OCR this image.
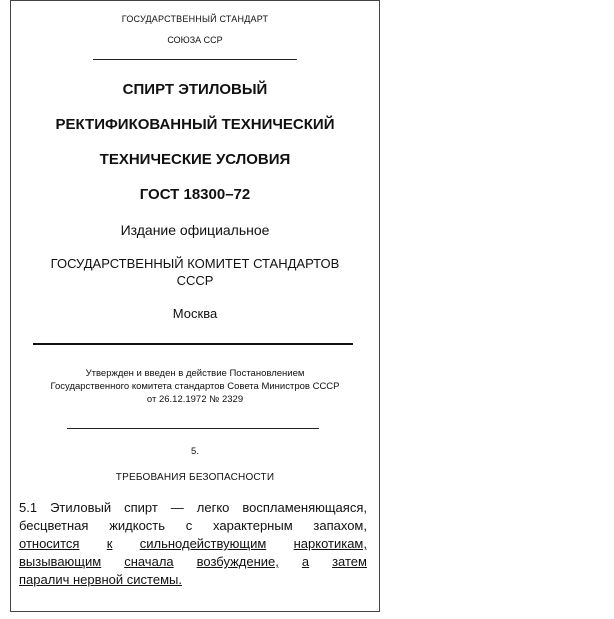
ГОСУДАРСТВЕННЫЙ СТАНДАРТ
СОЮЗА ССР
СПИРТ ЭТИЛОВЫЙ
РЕКТИФИКОВАННЫЙ ТЕХНИЧЕСКИЙ
ТЕХНИЧЕСКИЕ УСЛОВИЯ
ГОСТ 18300–72
Издание официальное
ГОСУДАРСТВЕННЫЙ КОМИТЕТ СТАНДАРТОВ
СССР
Москва
Утвержден и введен в действие Постановлением
Государственного комитета стандартов Совета Министров СССР
от 26.12.1972 № 2329
5.
ТРЕБОВАНИЯ БЕЗОПАСНОСТИ
5.1 Этиловый спирт — легко воспламеняющаяся,
бесцветная жидкость с характерным запахом,
относится к сильнодействующим наркотикам,
вызывающим сначала возбуждение, а затем
паралич нервной системы.
